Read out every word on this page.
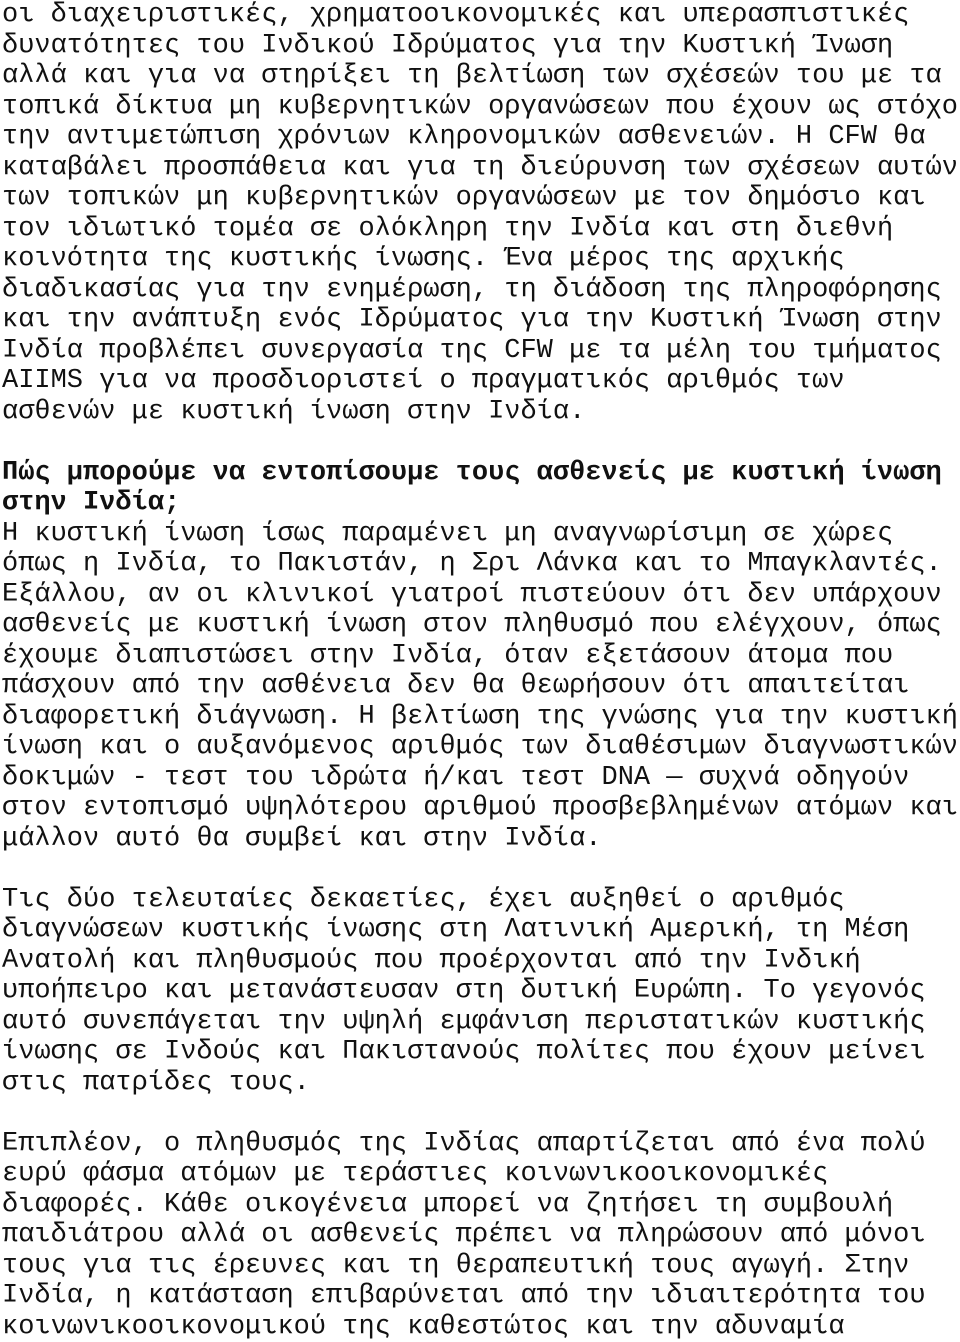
οι διαχειριστικές, χρηματοοικονομικές και υπερασπιστικές
δυνατότητες του Ινδικού Ιδρύματος για την Κυστική Ίνωση
αλλά και για να στηρίξει τη βελτίωση των σχέσεών του με τα
τοπικά δίκτυα μη κυβερνητικών οργανώσεων που έχουν ως στόχο
την αντιμετώπιση χρόνιων κληρονομικών ασθενειών. Η CFW θα
καταβάλει προσπάθεια και για τη διεύρυνση των σχέσεων αυτών
των τοπικών μη κυβερνητικών οργανώσεων με τον δημόσιο και
τον ιδιωτικό τομέα σε ολόκληρη την Ινδία και στη διεθνή
κοινότητα της κυστικής ίνωσης. Ένα μέρος της αρχικής
διαδικασίας για την ενημέρωση, τη διάδοση της πληροφόρησης
και την ανάπτυξη ενός Ιδρύματος για την Κυστική Ίνωση στην
Ινδία προβλέπει συνεργασία της CFW με τα μέλη του τμήματος
AIIMS για να προσδιοριστεί ο πραγματικός αριθμός των
ασθενών με κυστική ίνωση στην Ινδία.
Πώς μπορούμε να εντοπίσουμε τους ασθενείς με κυστική ίνωση
στην Ινδία;
Η κυστική ίνωση ίσως παραμένει μη αναγνωρίσιμη σε χώρες
όπως η Ινδία, το Πακιστάν, η Σρι Λάνκα και το Μπαγκλαντές.
Εξάλλου, αν οι κλινικοί γιατροί πιστεύουν ότι δεν υπάρχουν
ασθενείς με κυστική ίνωση στον πληθυσμό που ελέγχουν, όπως
έχουμε διαπιστώσει στην Ινδία, όταν εξετάσουν άτομα που
πάσχουν από την ασθένεια δεν θα θεωρήσουν ότι απαιτείται
διαφορετική διάγνωση. Η βελτίωση της γνώσης για την κυστική
ίνωση και ο αυξανόμενος αριθμός των διαθέσιμων διαγνωστικών
δοκιμών - τεστ του ιδρώτα ή/και τεστ DNA — συχνά οδηγούν
στον εντοπισμό υψηλότερου αριθμού προσβεβλημένων ατόμων και
μάλλον αυτό θα συμβεί και στην Ινδία.
Τις δύο τελευταίες δεκαετίες, έχει αυξηθεί ο αριθμός
διαγνώσεων κυστικής ίνωσης στη Λατινική Αμερική, τη Μέση
Ανατολή και πληθυσμούς που προέρχονται από την Ινδική
υποήπειρο και μετανάστευσαν στη δυτική Ευρώπη. Το γεγονός
αυτό συνεπάγεται την υψηλή εμφάνιση περιστατικών κυστικής
ίνωσης σε Ινδούς και Πακιστανούς πολίτες που έχουν μείνει
στις πατρίδες τους.
Επιπλέον, ο πληθυσμός της Ινδίας απαρτίζεται από ένα πολύ
ευρύ φάσμα ατόμων με τεράστιες κοινωνικοοικονομικές
διαφορές. Κάθε οικογένεια μπορεί να ζητήσει τη συμβουλή
παιδιάτρου αλλά οι ασθενείς πρέπει να πληρώσουν από μόνοι
τους για τις έρευνες και τη θεραπευτική τους αγωγή. Στην
Ινδία, η κατάσταση επιβαρύνεται από την ιδιαιτερότητα του
κοινωνικοοικονομικού της καθεστώτος και την αδυναμία
